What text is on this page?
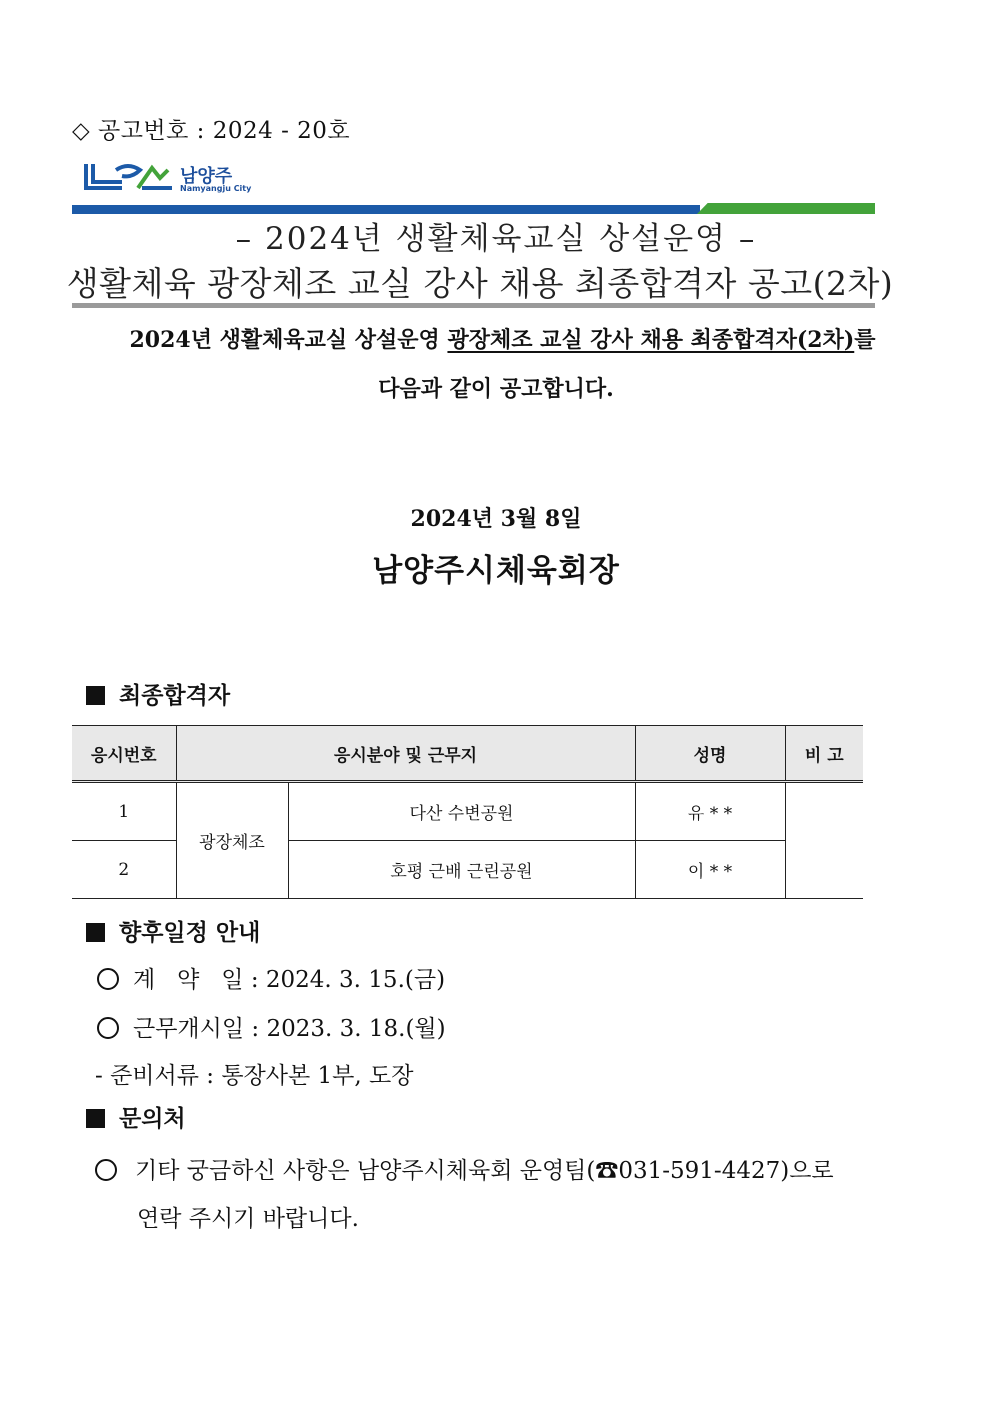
◇ 공고번호 : 2024 - 20호
남양주
Namyangju City
– 2024년 생활체육교실 상설운영 –
생활체육 광장체조 교실 강사 채용 최종합격자 공고(2차)
2024년 생활체육교실 상설운영 광장체조 교실 강사 채용 최종합격자(2차)를
다음과 같이 공고합니다.
2024년 3월 8일
남양주시체육회장
최종합격자
응시번호	응시분야 및 근무지		성명	비 고
1	광장체조	다산 수변공원	유 * *	
2		호평 근배 근린공원	이 * *	
향후일정 안내
계   약   일 : 2024. 3. 15.(금)
근무개시일 : 2023. 3. 18.(월)
- 준비서류 : 통장사본 1부, 도장
문의처
기타 궁금하신 사항은 남양주시체육회 운영팀(☎031-591-4427)으로
연락 주시기 바랍니다.
